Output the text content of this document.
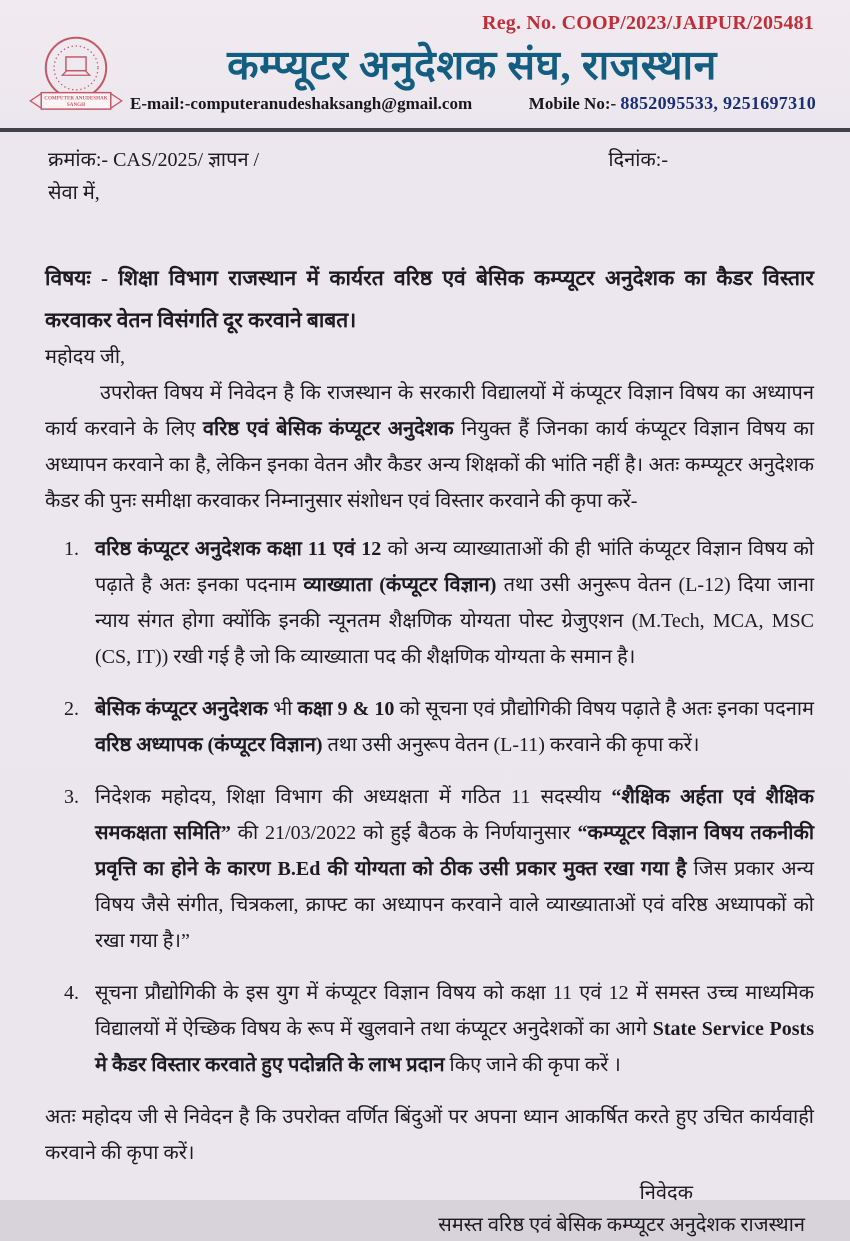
Reg. No. COOP/2023/JAIPUR/205481
COMPUTER ANUDESHAK
SANGH
कम्प्यूटर अनुदेशक संघ, राजस्थान
E-mail:-computeranudeshaksangh@gmail.com	Mobile No:- 8852095533, 9251697310
क्रमांक:- CAS/2025/ ज्ञापन /	दिनांक:-
सेवा में,
विषयः - शिक्षा विभाग राजस्थान में कार्यरत वरिष्ठ एवं बेसिक कम्प्यूटर अनुदेशक का कैडर विस्तार करवाकर वेतन विसंगति दूर करवाने बाबत।
महोदय जी,
उपरोक्त विषय में निवेदन है कि राजस्थान के सरकारी विद्यालयों में कंप्यूटर विज्ञान विषय का अध्यापन कार्य करवाने के लिए वरिष्ठ एवं बेसिक कंप्यूटर अनुदेशक नियुक्त हैं जिनका कार्य कंप्यूटर विज्ञान विषय का अध्यापन करवाने का है, लेकिन इनका वेतन और कैडर अन्य शिक्षकों की भांति नहीं है। अतः कम्प्यूटर अनुदेशक कैडर की पुनः समीक्षा करवाकर निम्नानुसार संशोधन एवं विस्तार करवाने की कृपा करें-
1. वरिष्ठ कंप्यूटर अनुदेशक कक्षा 11 एवं 12 को अन्य व्याख्याताओं की ही भांति कंप्यूटर विज्ञान विषय को पढ़ाते है अतः इनका पदनाम व्याख्याता (कंप्यूटर विज्ञान) तथा उसी अनुरूप वेतन (L-12) दिया जाना न्याय संगत होगा क्योंकि इनकी न्यूनतम शैक्षणिक योग्यता पोस्ट ग्रेजुएशन (M.Tech, MCA, MSC (CS, IT)) रखी गई है जो कि व्याख्याता पद की शैक्षणिक योग्यता के समान है।
2. बेसिक कंप्यूटर अनुदेशक भी कक्षा 9 & 10 को सूचना एवं प्रौद्योगिकी विषय पढ़ाते है अतः इनका पदनाम वरिष्ठ अध्यापक (कंप्यूटर विज्ञान) तथा उसी अनुरूप वेतन (L-11) करवाने की कृपा करें।
3. निदेशक महोदय, शिक्षा विभाग की अध्यक्षता में गठित 11 सदस्यीय “शैक्षिक अर्हता एवं शैक्षिक समकक्षता समिति” की 21/03/2022 को हुई बैठक के निर्णयानुसार “कम्प्यूटर विज्ञान विषय तकनीकी प्रवृत्ति का होने के कारण B.Ed की योग्यता को ठीक उसी प्रकार मुक्त रखा गया है जिस प्रकार अन्य विषय जैसे संगीत, चित्रकला, क्राफ्ट का अध्यापन करवाने वाले व्याख्याताओं एवं वरिष्ठ अध्यापकों को रखा गया है।”
4. सूचना प्रौद्योगिकी के इस युग में कंप्यूटर विज्ञान विषय को कक्षा 11 एवं 12 में समस्त उच्च माध्यमिक विद्यालयों में ऐच्छिक विषय के रूप में खुलवाने तथा कंप्यूटर अनुदेशकों का आगे State Service Posts मे कैडर विस्तार करवाते हुए पदोन्नति के लाभ प्रदान किए जाने की कृपा करें ।
अतः महोदय जी से निवेदन है कि उपरोक्त वर्णित बिंदुओं पर अपना ध्यान आकर्षित करते हुए उचित कार्यवाही करवाने की कृपा करें।
निवेदक
समस्त वरिष्ठ एवं बेसिक कम्प्यूटर अनुदेशक राजस्थान
